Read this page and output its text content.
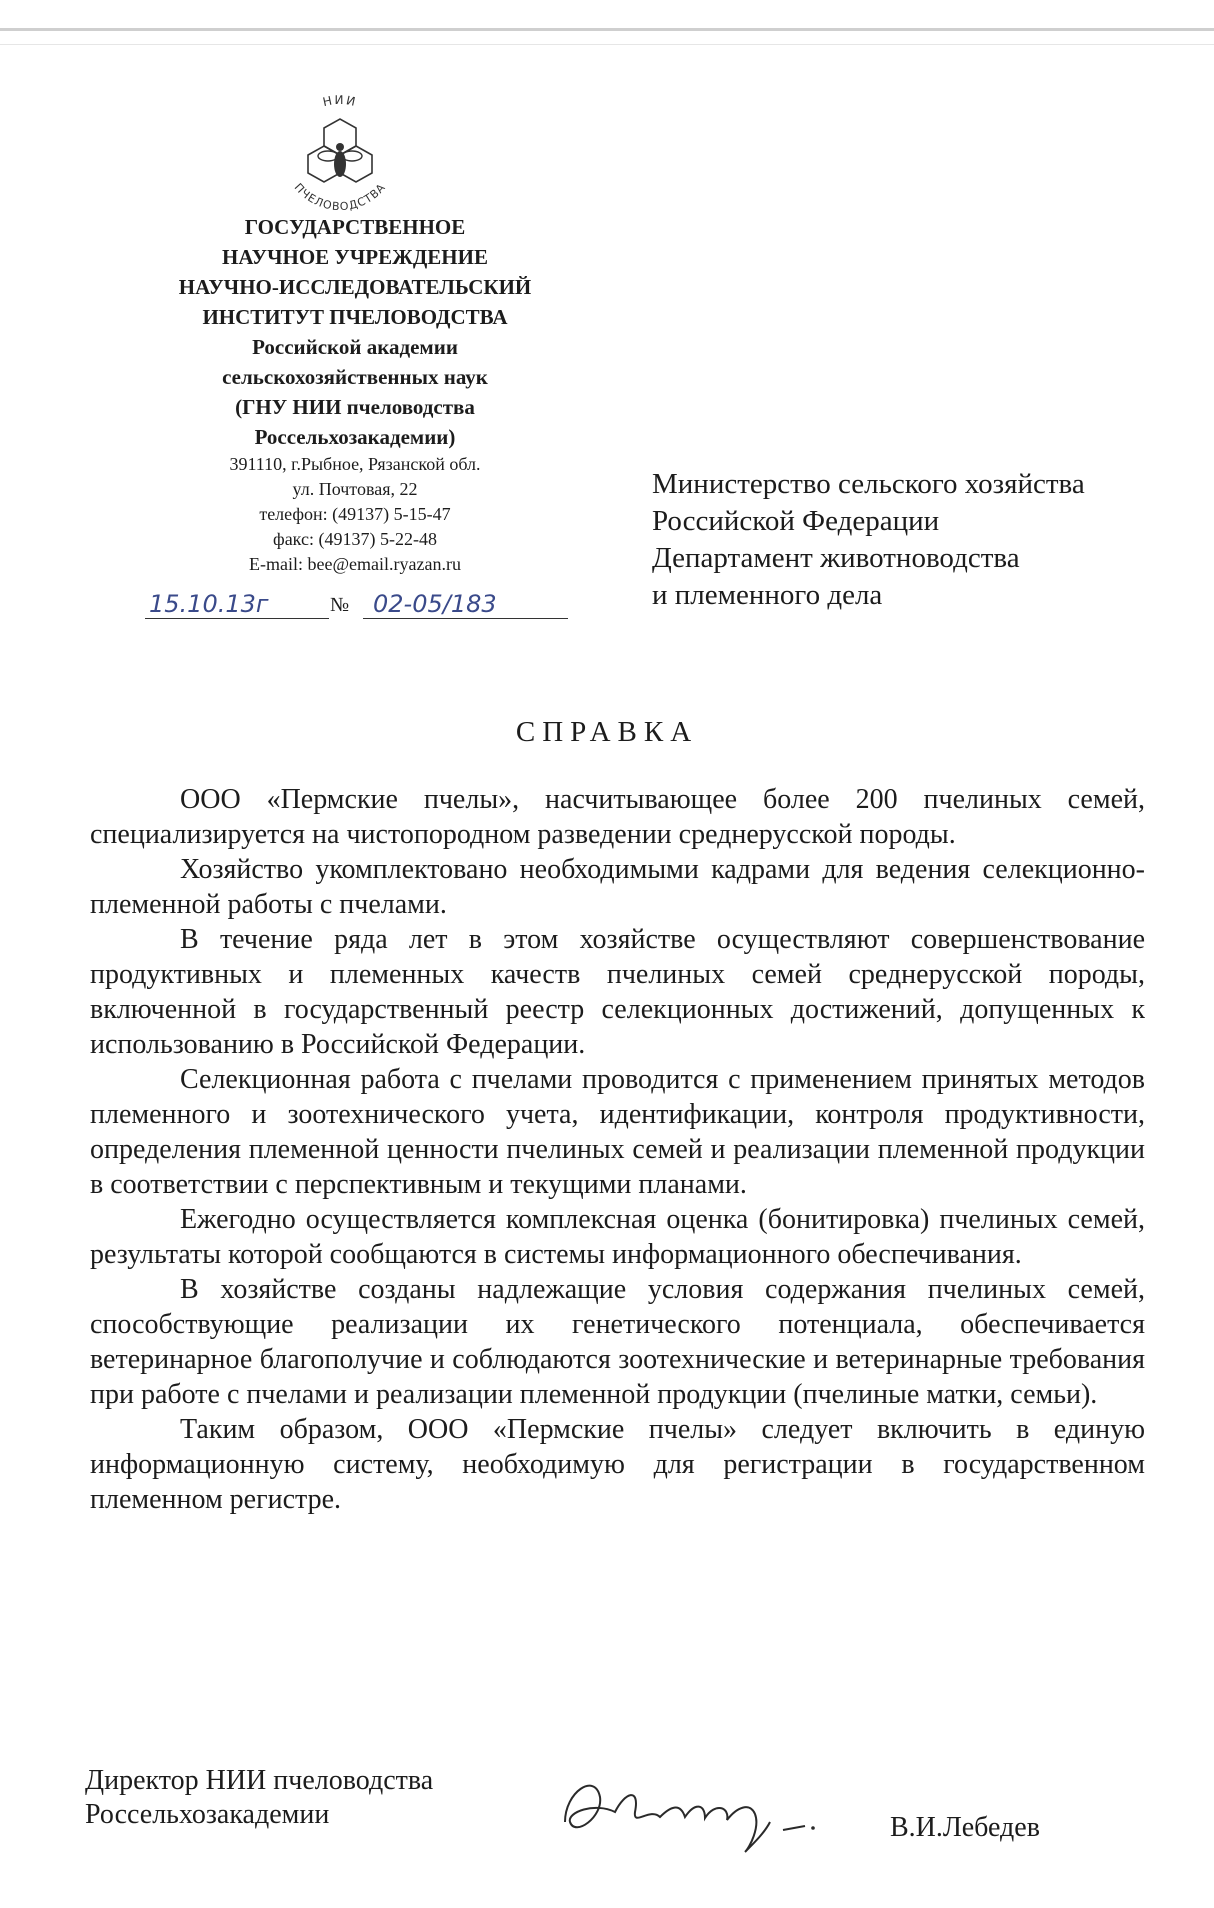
НИИ
ПЧЕЛОВОДСТВА
ГОСУДАРСТВЕННОЕ
НАУЧНОЕ УЧРЕЖДЕНИЕ
НАУЧНО-ИССЛЕДОВАТЕЛЬСКИЙ
ИНСТИТУТ ПЧЕЛОВОДСТВА
Российской академии
сельскохозяйственных наук
(ГНУ НИИ пчеловодства
Россельхозакадемии)
391110, г.Рыбное, Рязанской обл.
ул. Почтовая, 22
телефон: (49137) 5-15-47
факс: (49137) 5-22-48
E-mail: bee@email.ryazan.ru
15.10.13г	№ 02-05/183
Министерство сельского хозяйства
Российской Федерации
Департамент животноводства
и племенного дела
СПРАВКА

ООО «Пермские пчелы», насчитывающее более 200 пчелиных семей, специализируется на чистопородном разведении среднерусской породы.

Хозяйство укомплектовано необходимыми кадрами для ведения селекционно-племенной работы с пчелами.

В течение ряда лет в этом хозяйстве осуществляют совершенствование продуктивных и племенных качеств пчелиных семей среднерусской породы, включенной в государственный реестр селекционных достижений, допущенных к использованию в Российской Федерации.

Селекционная работа с пчелами проводится с применением принятых методов племенного и зоотехнического учета, идентификации, контроля продуктивности, определения племенной ценности пчелиных семей и реализации племенной продукции в соответствии с перспективным и текущими планами.

Ежегодно осуществляется комплексная оценка (бонитировка) пчелиных семей, результаты которой сообщаются в системы информационного обеспечивания.

В хозяйстве созданы надлежащие условия содержания пчелиных семей, способствующие реализации их генетического потенциала, обеспечивается ветеринарное благополучие и соблюдаются зоотехнические и ветеринарные требования при работе с пчелами и реализации племенной продукции (пчелиные матки, семьи).

Таким образом, ООО «Пермские пчелы» следует включить в единую информационную систему, необходимую для регистрации в государственном племенном регистре.

Директор НИИ пчеловодства
Россельхозакадемии	В.И.Лебедев
